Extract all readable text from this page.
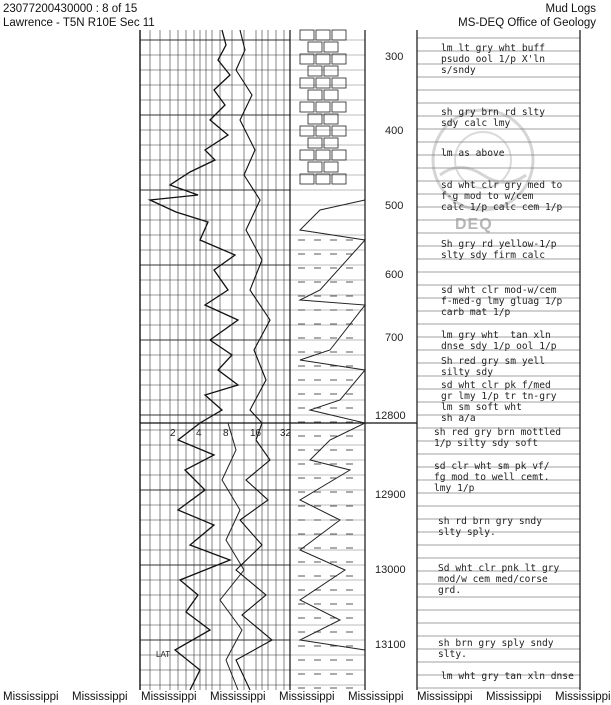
23077200430000 : 8 of 15
Lawrence - T5N R10E Sec 11
Mud Logs
MS-DEQ Office of Geology
DEQ
2 4 8 16 32
LAT
300
400
500
600
700
12800
12900
13000
13100
lm lt gry wht buff
psudo ool 1/p X'ln
s/sndy
sh gry brn rd slty
sdy calc lmy
lm as above
sd wht clr gry med to
f-g mod to w/cem
calc 1/p calc cem 1/p
Sh gry rd yellow-1/p
slty sdy firm calc
sd wht clr mod-w/cem
f-med-g lmy gluag 1/p
carb mat 1/p
lm gry wht  tan xln
dnse sdy 1/p ool 1/p
Sh red gry sm yell
silty sdy
sd wht clr pk f/med
gr lmy 1/p tr tn-gry
lm sm soft wht
sh a/a
sh red gry brn mottled
1/p silty sdy soft
sd clr wht sm pk vf/
fg mod to well cemt.
lmy 1/p
sh rd brn gry sndy
slty sply.
Sd wht clr pnk lt gry
mod/w cem med/corse
grd.
sh brn gry sply sndy
slty.
lm wht gry tan xln dnse
Mississippi Mississippi Mississippi Mississippi Mississippi Mississippi Mississippi Mississippi Mississippi
